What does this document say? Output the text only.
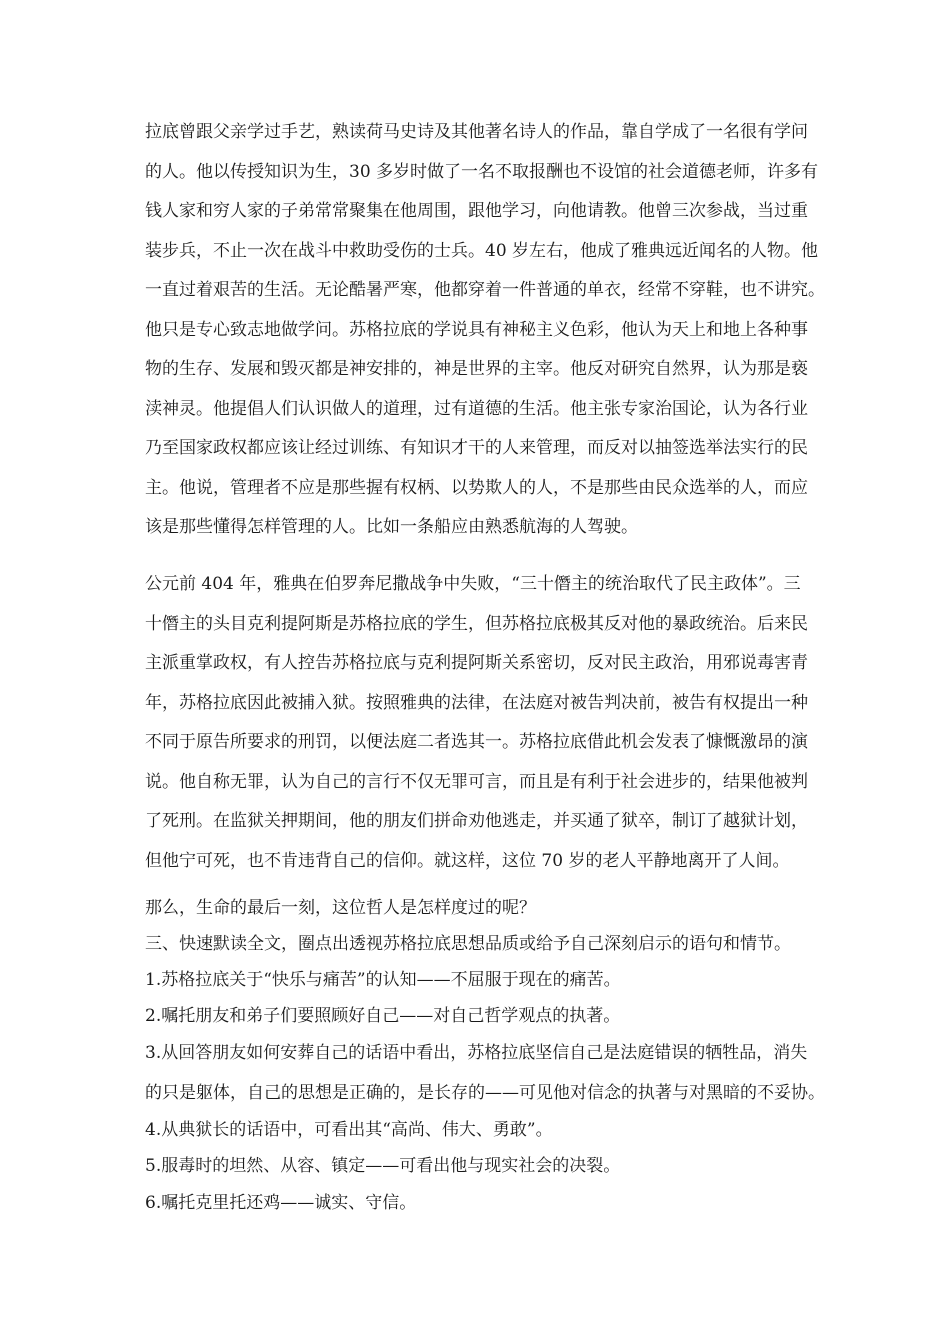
拉底曾跟父亲学过手艺，熟读荷马史诗及其他著名诗人的作品，靠自学成了一名很有学问
的人。他以传授知识为生，30 多岁时做了一名不取报酬也不设馆的社会道德老师，许多有
钱人家和穷人家的子弟常常聚集在他周围，跟他学习，向他请教。他曾三次参战，当过重
装步兵，不止一次在战斗中救助受伤的士兵。40 岁左右，他成了雅典远近闻名的人物。他
一直过着艰苦的生活。无论酷暑严寒，他都穿着一件普通的单衣，经常不穿鞋，也不讲究。
他只是专心致志地做学问。苏格拉底的学说具有神秘主义色彩，他认为天上和地上各种事
物的生存、发展和毁灭都是神安排的，神是世界的主宰。他反对研究自然界，认为那是亵
渎神灵。他提倡人们认识做人的道理，过有道德的生活。他主张专家治国论，认为各行业
乃至国家政权都应该让经过训练、有知识才干的人来管理，而反对以抽签选举法实行的民
主。他说，管理者不应是那些握有权柄、以势欺人的人，不是那些由民众选举的人，而应
该是那些懂得怎样管理的人。比如一条船应由熟悉航海的人驾驶。
公元前 404 年，雅典在伯罗奔尼撒战争中失败，“三十僭主的统治取代了民主政体”。三
十僭主的头目克利提阿斯是苏格拉底的学生，但苏格拉底极其反对他的暴政统治。后来民
主派重掌政权，有人控告苏格拉底与克利提阿斯关系密切，反对民主政治，用邪说毒害青
年，苏格拉底因此被捕入狱。按照雅典的法律，在法庭对被告判决前，被告有权提出一种
不同于原告所要求的刑罚，以便法庭二者选其一。苏格拉底借此机会发表了慷慨激昂的演
说。他自称无罪，认为自己的言行不仅无罪可言，而且是有利于社会进步的，结果他被判
了死刑。在监狱关押期间，他的朋友们拼命劝他逃走，并买通了狱卒，制订了越狱计划，
但他宁可死，也不肯违背自己的信仰。就这样，这位 70 岁的老人平静地离开了人间。
那么，生命的最后一刻，这位哲人是怎样度过的呢？
三、快速默读全文，圈点出透视苏格拉底思想品质或给予自己深刻启示的语句和情节。
1.苏格拉底关于“快乐与痛苦”的认知——不屈服于现在的痛苦。
2.嘱托朋友和弟子们要照顾好自己——对自己哲学观点的执著。
3.从回答朋友如何安葬自己的话语中看出，苏格拉底坚信自己是法庭错误的牺牲品，消失
的只是躯体，自己的思想是正确的，是长存的——可见他对信念的执著与对黑暗的不妥协。
4.从典狱长的话语中，可看出其“高尚、伟大、勇敢”。
5.服毒时的坦然、从容、镇定——可看出他与现实社会的决裂。
6.嘱托克里托还鸡——诚实、守信。
